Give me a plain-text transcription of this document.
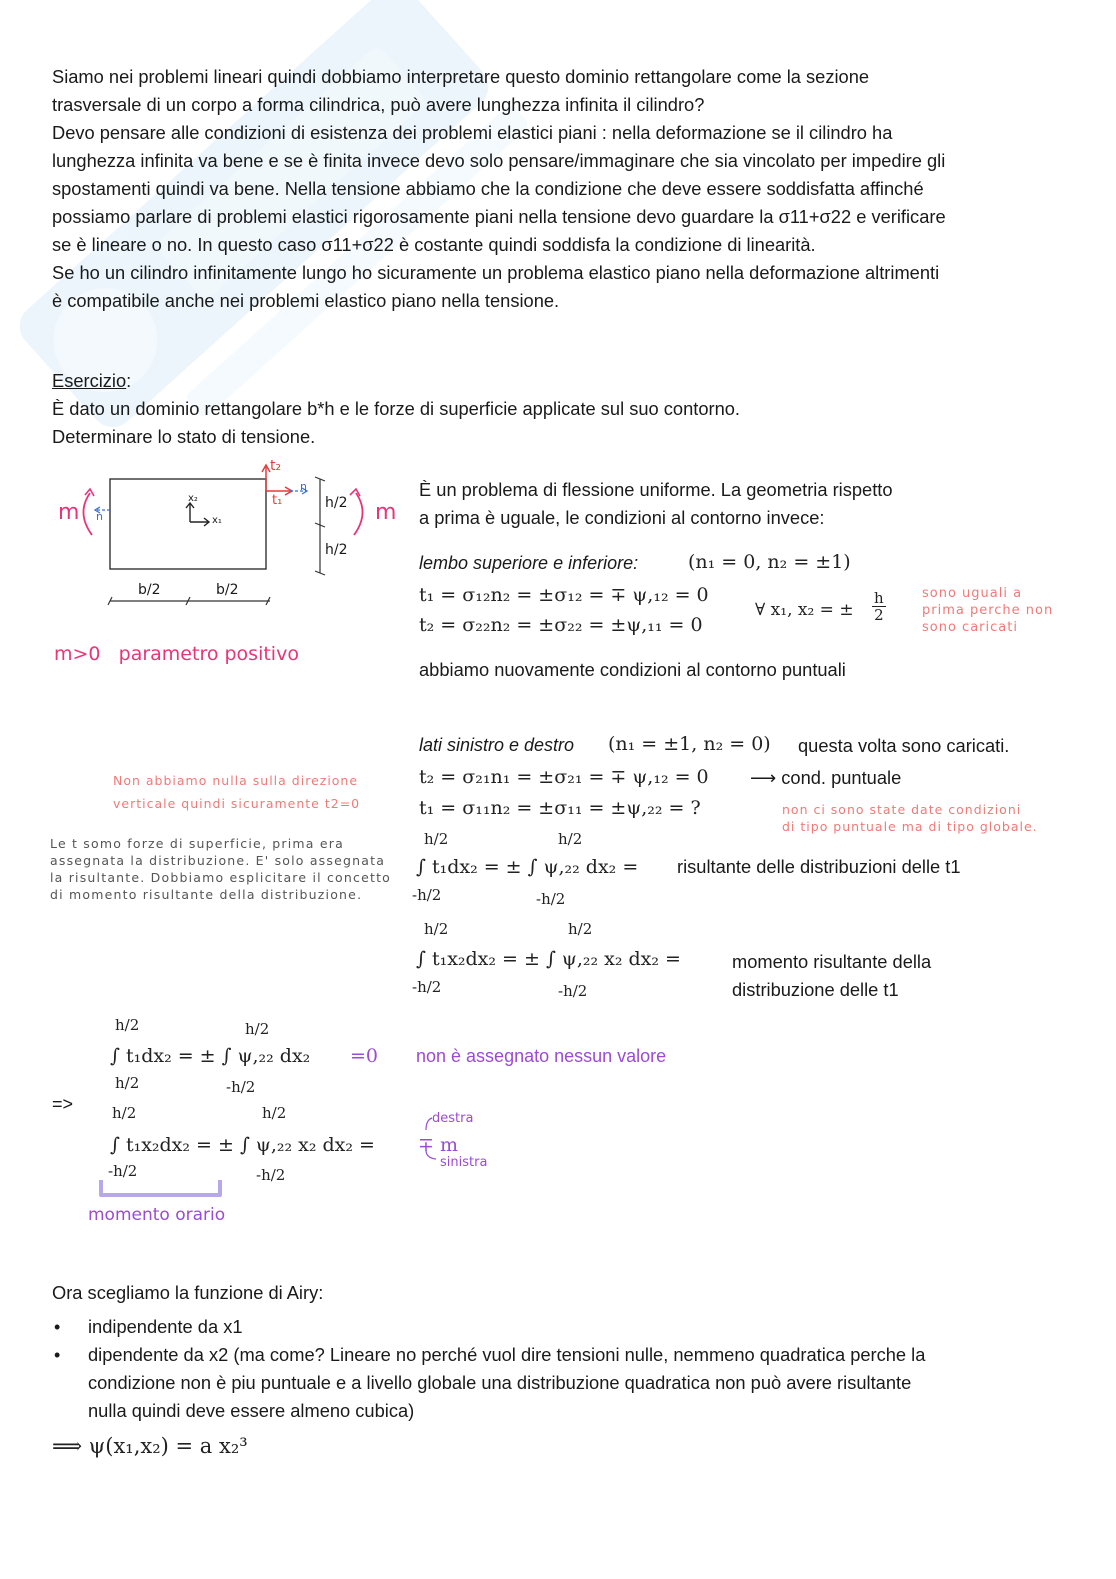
Siamo nei problemi lineari quindi dobbiamo interpretare questo dominio rettangolare come la sezione
trasversale di un corpo a forma cilindrica, può avere lunghezza infinita il cilindro?
Devo pensare alle condizioni di esistenza dei problemi elastici piani : nella deformazione se il cilindro ha
lunghezza infinita va bene e se è finita invece devo solo pensare/immaginare che sia vincolato per impedire gli
spostamenti quindi va bene. Nella tensione abbiamo che la condizione che deve essere soddisfatta affinché
possiamo parlare di problemi elastici rigorosamente piani nella tensione devo guardare la σ11+σ22 e verificare
se è lineare o no. In questo caso σ11+σ22 è costante quindi soddisfa la condizione di linearità.
Se ho un cilindro infinitamente lungo ho sicuramente un problema elastico piano nella deformazione altrimenti
è compatibile anche nei problemi elastico piano nella tensione.
Esercizio:
È dato un dominio rettangolare b*h e le forze di superficie applicate sul suo contorno.
Determinare lo stato di tensione.
m	m
n
n
t₂
t₁
x₂
x₁
h/2
h/2
b/2	b/2
m>0   parametro positivo
È un problema di flessione uniforme. La geometria rispetto
a prima è uguale, le condizioni al contorno invece:
lembo superiore e inferiore:	(n₁ = 0, n₂ = ±1)
t₁ = σ₁₂n₂ = ±σ₁₂ = ∓ ψ,₁₂ = 0
t₂ = σ₂₂n₂ = ±σ₂₂ = ±ψ,₁₁ = 0
∀ x₁, x₂ = ± $\frac{h}{2}$	sono uguali a
prima perche non
sono caricati
abbiamo nuovamente condizioni al contorno puntuali
lati sinistro e destro (n₁ = ±1, n₂ = 0) questa volta sono caricati.
t₂ = σ₂₁n₁ = ±σ₂₁ = ∓ ψ,₁₂ = 0 ⟶ cond. puntuale
t₁ = σ₁₁n₂ = ±σ₁₁ = ±ψ,₂₂ = ?	non ci sono state date condizioni
di tipo puntuale ma di tipo globale.
Non abbiamo nulla sulla direzione
verticale quindi sicuramente t2=0
Le t somo forze di superficie, prima era
assegnata la distribuzione. E' solo assegnata
la risultante. Dobbiamo esplicitare il concetto
di momento risultante della distribuzione.
h/2
-h/2
∫ t₁dx₂ = ± ∫ ψ,₂₂ dx₂ =
h/2
-h/2
risultante delle distribuzioni delle t1
h/2
-h/2
∫ t₁x₂dx₂ = ± ∫ ψ,₂₂ x₂ dx₂ =
h/2
-h/2
momento risultante della
distribuzione delle t1
=>
h/2
h/2
∫ t₁dx₂ = ± ∫ ψ,₂₂ dx₂
h/2
-h/2
=0 non è assegnato nessun valore
h/2
-h/2
∫ t₁x₂dx₂ = ± ∫ ψ,₂₂ x₂ dx₂ =
h/2
-h/2
∓ m
destra
sinistra
momento orario
Ora scegliamo la funzione di Airy:
• indipendente da x1
• dipendente da x2 (ma come? Lineare no perché vuol dire tensioni nulle, nemmeno quadratica perche la
condizione non è piu puntuale e a livello globale una distribuzione quadratica non può avere risultante
nulla quindi deve essere almeno cubica)
⟹ ψ(x₁,x₂) = a x₂³
